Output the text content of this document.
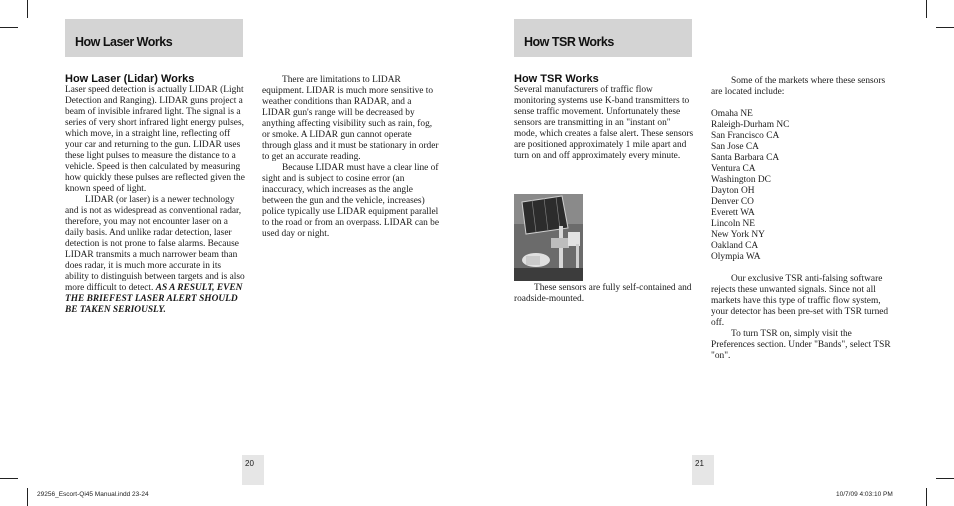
How Laser Works
How Laser (Lidar) Works

Laser speed detection is actually LIDAR (Light Detection and Ranging). LIDAR guns project a beam of invisible infrared light. The signal is a series of very short infrared light energy pulses, which move, in a straight line, reflecting off your car and returning to the gun. LIDAR uses these light pulses to measure the distance to a vehicle. Speed is then calculated by measuring how quickly these pulses are reflected given the known speed of light.

LIDAR (or laser) is a newer technology and is not as widespread as conventional radar, therefore, you may not encounter laser on a daily basis. And unlike radar detection, laser detection is not prone to false alarms. Because LIDAR transmits a much narrower beam than does radar, it is much more accurate in its ability to distinguish between targets and is also more difficult to detect. AS A RESULT, EVEN THE BRIEFEST LASER ALERT SHOULD BE TAKEN SERIOUSLY.

There are limitations to LIDAR equipment. LIDAR is much more sensitive to weather conditions than RADAR, and a LIDAR gun's range will be decreased by anything affecting visibility such as rain, fog, or smoke. A LIDAR gun cannot operate through glass and it must be stationary in order to get an accurate reading.

Because LIDAR must have a clear line of sight and is subject to cosine error (an inaccuracy, which increases as the angle between the gun and the vehicle, increases) police typically use LIDAR equipment parallel to the road or from an overpass. LIDAR can be used day or night.

20
How TSR Works
How TSR Works

Several manufacturers of traffic flow monitoring systems use K-band transmitters to sense traffic movement. Unfortunately these sensors are transmitting in an "instant on" mode, which creates a false alert. These sensors are positioned approximately 1 mile apart and turn on and off approximately every minute.

These sensors are fully self-contained and roadside-mounted.

Some of the markets where these sensors are located include:

Omaha NE
Raleigh-Durham NC
San Francisco CA
San Jose CA
Santa Barbara CA
Ventura CA
Washington DC
Dayton OH
Denver CO
Everett WA
Lincoln NE
New York NY
Oakland CA
Olympia WA

Our exclusive TSR anti-falsing software rejects these unwanted signals. Since not all markets have this type of traffic flow system, your detector has been pre-set with TSR turned off.

To turn TSR on, simply visit the Preferences section. Under "Bands", select TSR "on".

21
29256_Escort-Qi45 Manual.indd 23-24	10/7/09 4:03:10 PM
